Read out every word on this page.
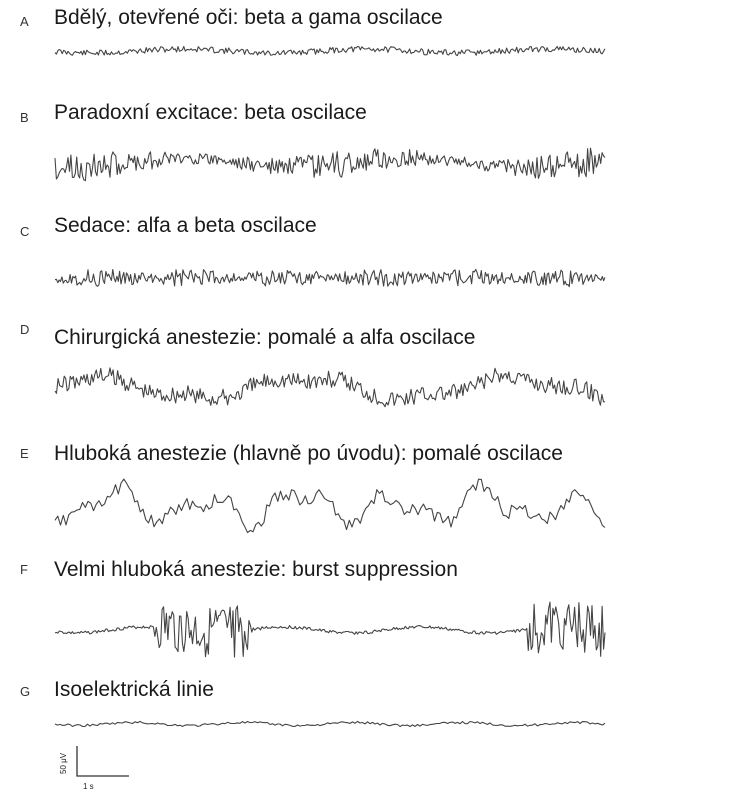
A Bdělý, otevřené oči: beta a gama oscilace
B Paradoxní excitace: beta oscilace
C Sedace: alfa a beta oscilace
D Chirurgická anestezie: pomalé a alfa oscilace
E Hluboká anestezie (hlavně po úvodu): pomalé oscilace
F Velmi hluboká anestezie: burst suppression
G Isoelektrická linie
50 μV
1 s
